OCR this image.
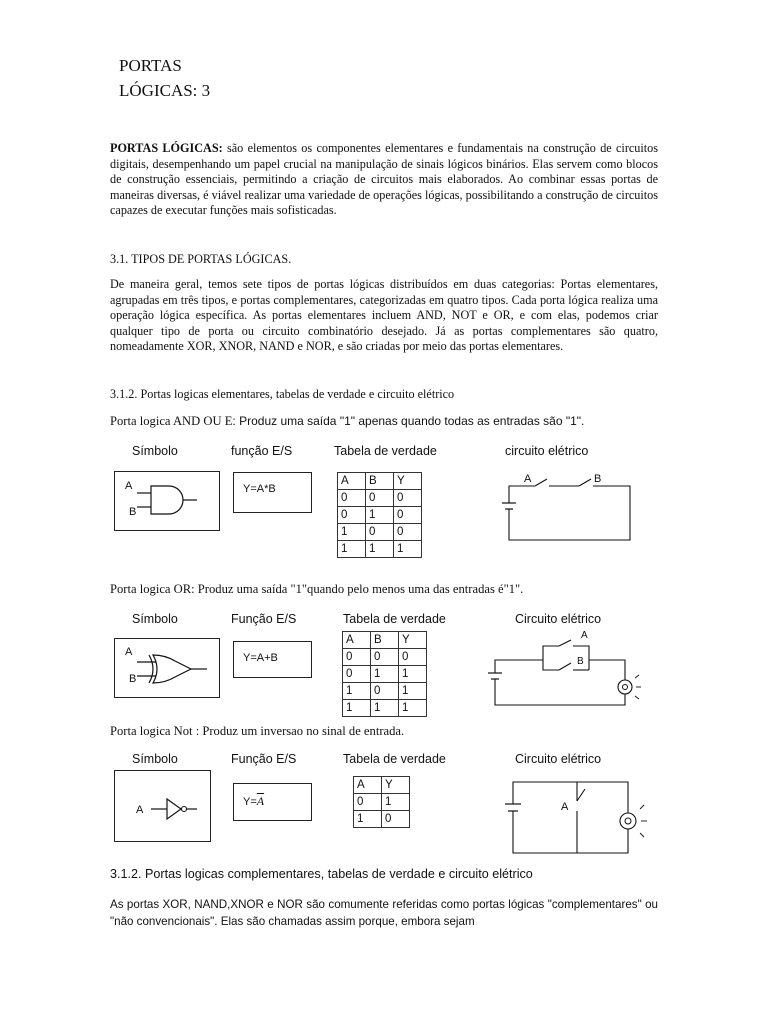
PORTAS
LÓGICAS: 3

PORTAS LÓGICAS: são elementos os componentes elementares e fundamentais na construção de circuitos digitais, desempenhando um papel crucial na manipulação de sinais lógicos binários. Elas servem como blocos de construção essenciais, permitindo a criação de circuitos mais elaborados. Ao combinar essas portas de maneiras diversas, é viável realizar uma variedade de operações lógicas, possibilitando a construção de circuitos capazes de executar funções mais sofisticadas.

3.1. TIPOS DE PORTAS LÓGICAS.

De maneira geral, temos sete tipos de portas lógicas distribuídos em duas categorias: Portas elementares, agrupadas em três tipos, e portas complementares, categorizadas em quatro tipos. Cada porta lógica realiza uma operação lógica específica. As portas elementares incluem AND, NOT e OR, e com elas, podemos criar qualquer tipo de porta ou circuito combinatório desejado. Já as portas complementares são quatro, nomeadamente XOR, XNOR, NAND e NOR, e são criadas por meio das portas elementares.

3.1.2. Portas logicas elementares, tabelas de verdade e circuito elétrico
Porta logica AND OU E: Produz uma saída "1" apenas quando todas as entradas são "1".
Símbolo	função E/S	Tabela de verdade	circuito elétrico
A
B
Y=A*B
A	B	Y
0	0	0
0	1	0
1	0	0
1	1	1
A	B
Porta logica OR: Produz uma saída "1"quando pelo menos uma das entradas é"1".
Símbolo	Função E/S	Tabela de verdade	Circuito elétrico
A
B
Y=A+B
A	B	Y
0	0	0
0	1	1
1	0	1
1	1	1
A
B
Porta logica Not : Produz um inversao no sinal de entrada.
Símbolo	Função E/S	Tabela de verdade	Circuito elétrico
A
$Y=\overline{A}$
A	Y
0	1
1	0
A
3.1.2. Portas logicas complementares, tabelas de verdade e circuito elétrico

As portas XOR, NAND,XNOR e NOR são comumente referidas como portas lógicas "complementares" ou "não convencionais". Elas são chamadas assim porque, embora sejam
